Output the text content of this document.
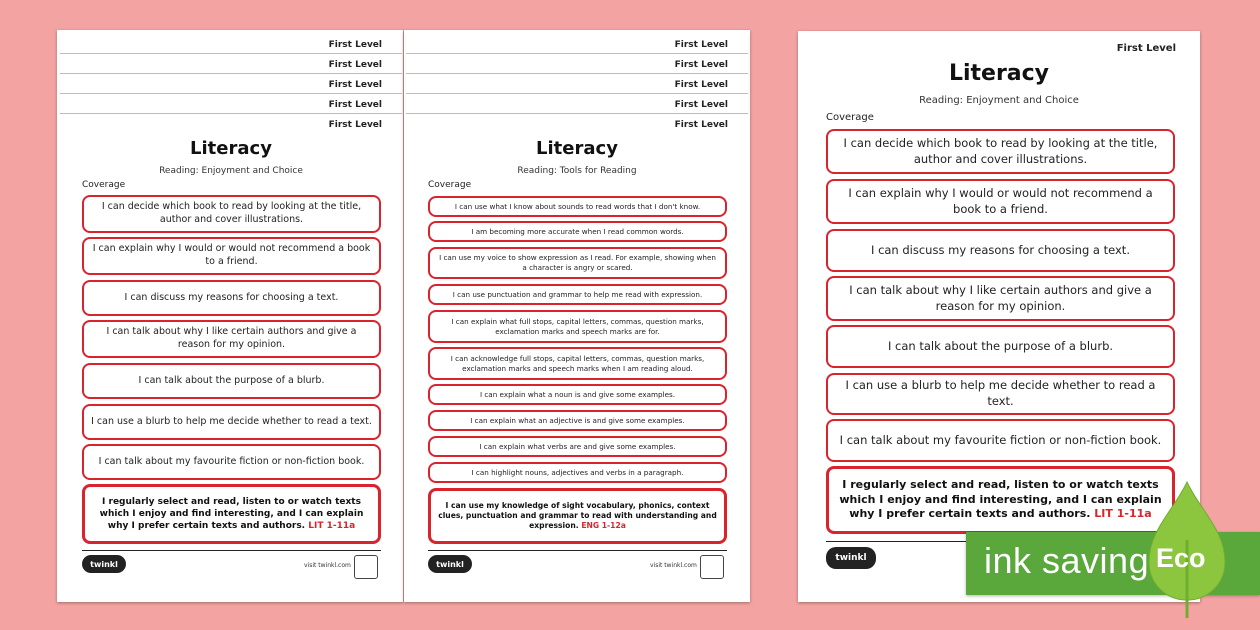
First Level
First Level
First Level
First Level
First Level
Literacy
Reading: Enjoyment and Choice
Coverage
I can decide which book to read by looking at the title, author and cover illustrations.
I can explain why I would or would not recommend a book to a friend.
I can discuss my reasons for choosing a text.
I can talk about why I like certain authors and give a reason for my opinion.
I can talk about the purpose of a blurb.
I can use a blurb to help me decide whether to read a text.
I can talk about my favourite fiction or non-fiction book.
I regularly select and read, listen to or watch texts which I enjoy and find interesting, and I can explain why I prefer certain texts and authors. LIT 1-11a
twinkl	visit twinkl.com
First Level
First Level
First Level
First Level
First Level
Literacy
Reading: Tools for Reading
Coverage
I can use what I know about sounds to read words that I don't know.
I am becoming more accurate when I read common words.
I can use my voice to show expression as I read. For example, showing when a character is angry or scared.
I can use punctuation and grammar to help me read with expression.
I can explain what full stops, capital letters, commas, question marks, exclamation marks and speech marks are for.
I can acknowledge full stops, capital letters, commas, question marks, exclamation marks and speech marks when I am reading aloud.
I can explain what a noun is and give some examples.
I can explain what an adjective is and give some examples.
I can explain what verbs are and give some examples.
I can highlight nouns, adjectives and verbs in a paragraph.
I can use my knowledge of sight vocabulary, phonics, context clues, punctuation and grammar to read with understanding and expression. ENG 1-12a
twinkl	visit twinkl.com
First Level
Literacy
Reading: Enjoyment and Choice
Coverage
I can decide which book to read by looking at the title, author and cover illustrations.
I can explain why I would or would not recommend a book to a friend.
I can discuss my reasons for choosing a text.
I can talk about why I like certain authors and give a reason for my opinion.
I can talk about the purpose of a blurb.
I can use a blurb to help me decide whether to read a text.
I can talk about my favourite fiction or non-fiction book.
I regularly select and read, listen to or watch texts which I enjoy and find interesting, and I can explain why I prefer certain texts and authors. LIT 1-11a
twinkl	ink saving Eco
